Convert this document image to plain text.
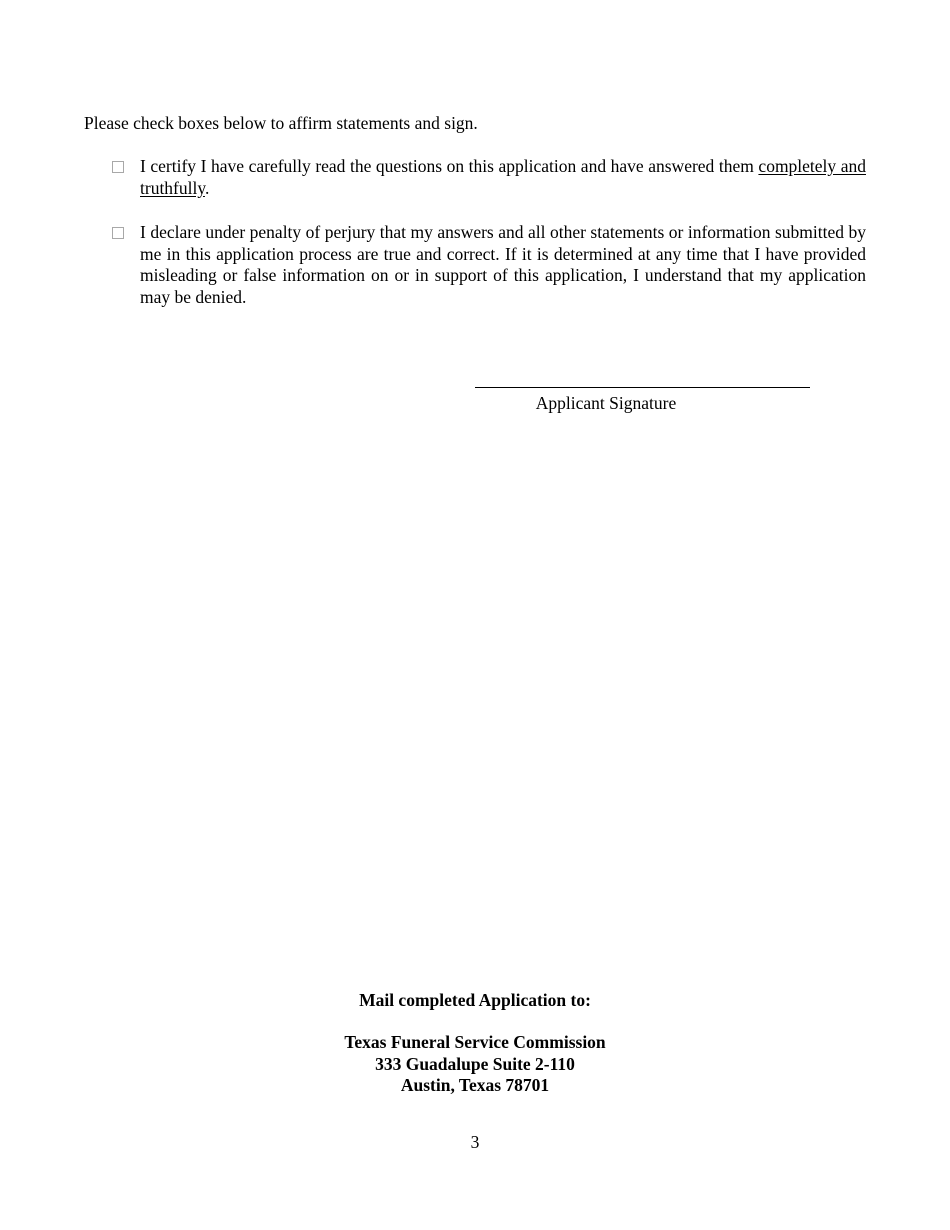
Please check boxes below to affirm statements and sign.
I certify I have carefully read the questions on this application and have answered them completely and truthfully.
I declare under penalty of perjury that my answers and all other statements or information submitted by me in this application process are true and correct. If it is determined at any time that I have provided misleading or false information on or in support of this application, I understand that my application may be denied.
Applicant Signature
Mail completed Application to:
Texas Funeral Service Commission
333 Guadalupe Suite 2-110
Austin, Texas 78701
3
